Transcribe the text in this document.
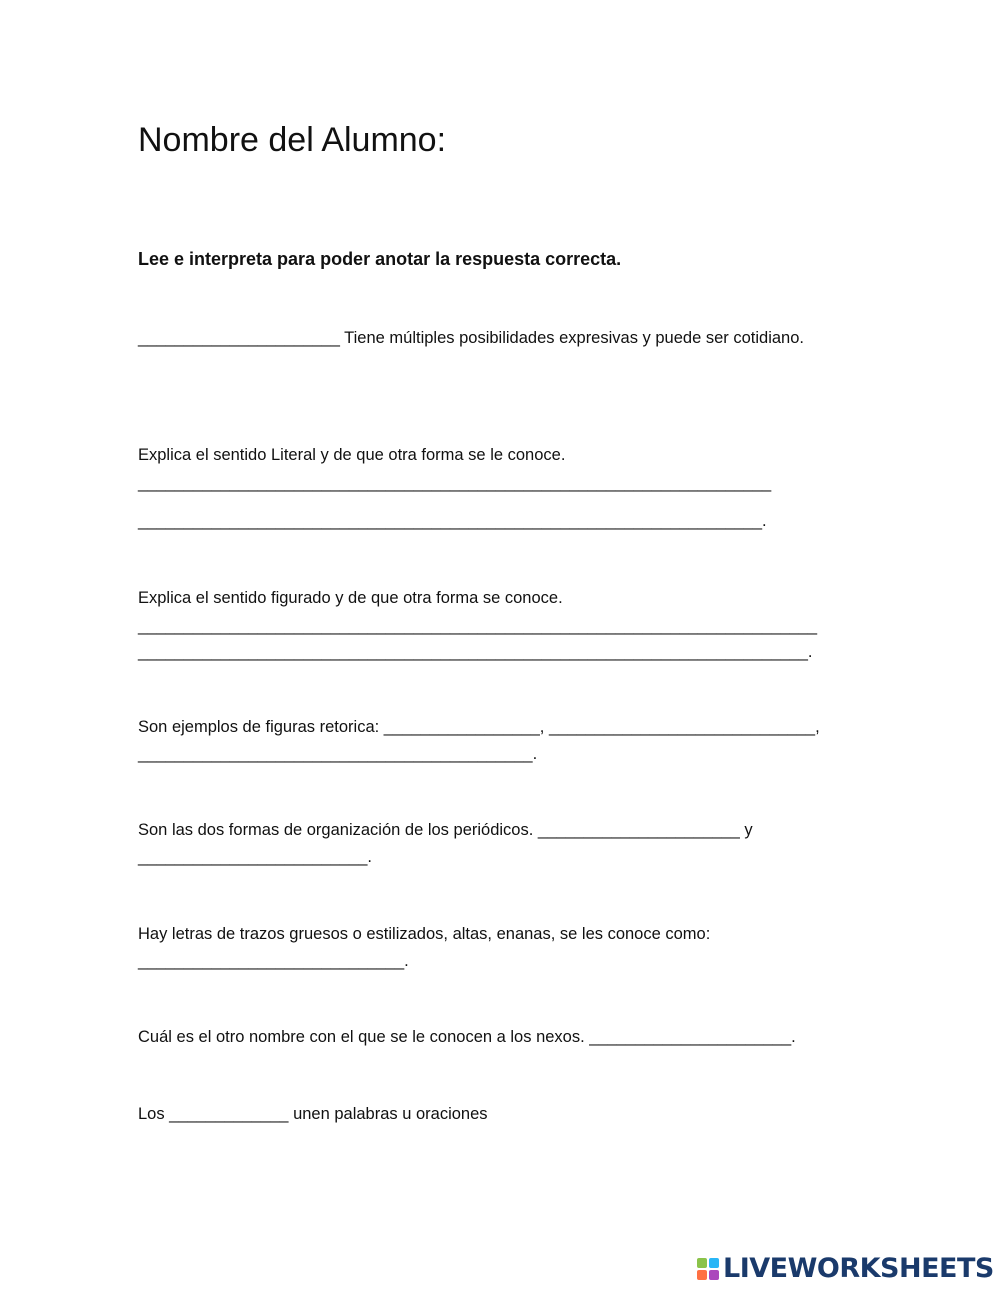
Nombre del Alumno:
Lee e interpreta para poder anotar la respuesta correcta.
______________________ Tiene múltiples posibilidades expresivas y puede ser cotidiano.
Explica el sentido Literal y de que otra forma se le conoce.
_____________________________________________________________________
____________________________________________________________________.
Explica el sentido figurado y de que otra forma se conoce.
__________________________________________________________________________
_________________________________________________________________________.
Son ejemplos de figuras retorica: _________________, _____________________________,
___________________________________________.
Son las dos formas de organización de los periódicos. ______________________ y
_________________________.
Hay letras de trazos gruesos o estilizados, altas, enanas, se les conoce como:
_____________________________.
Cuál es el otro nombre con el que se le conocen a los nexos. ______________________.
Los _____________ unen palabras u oraciones
LIVEWORKSHEETS
